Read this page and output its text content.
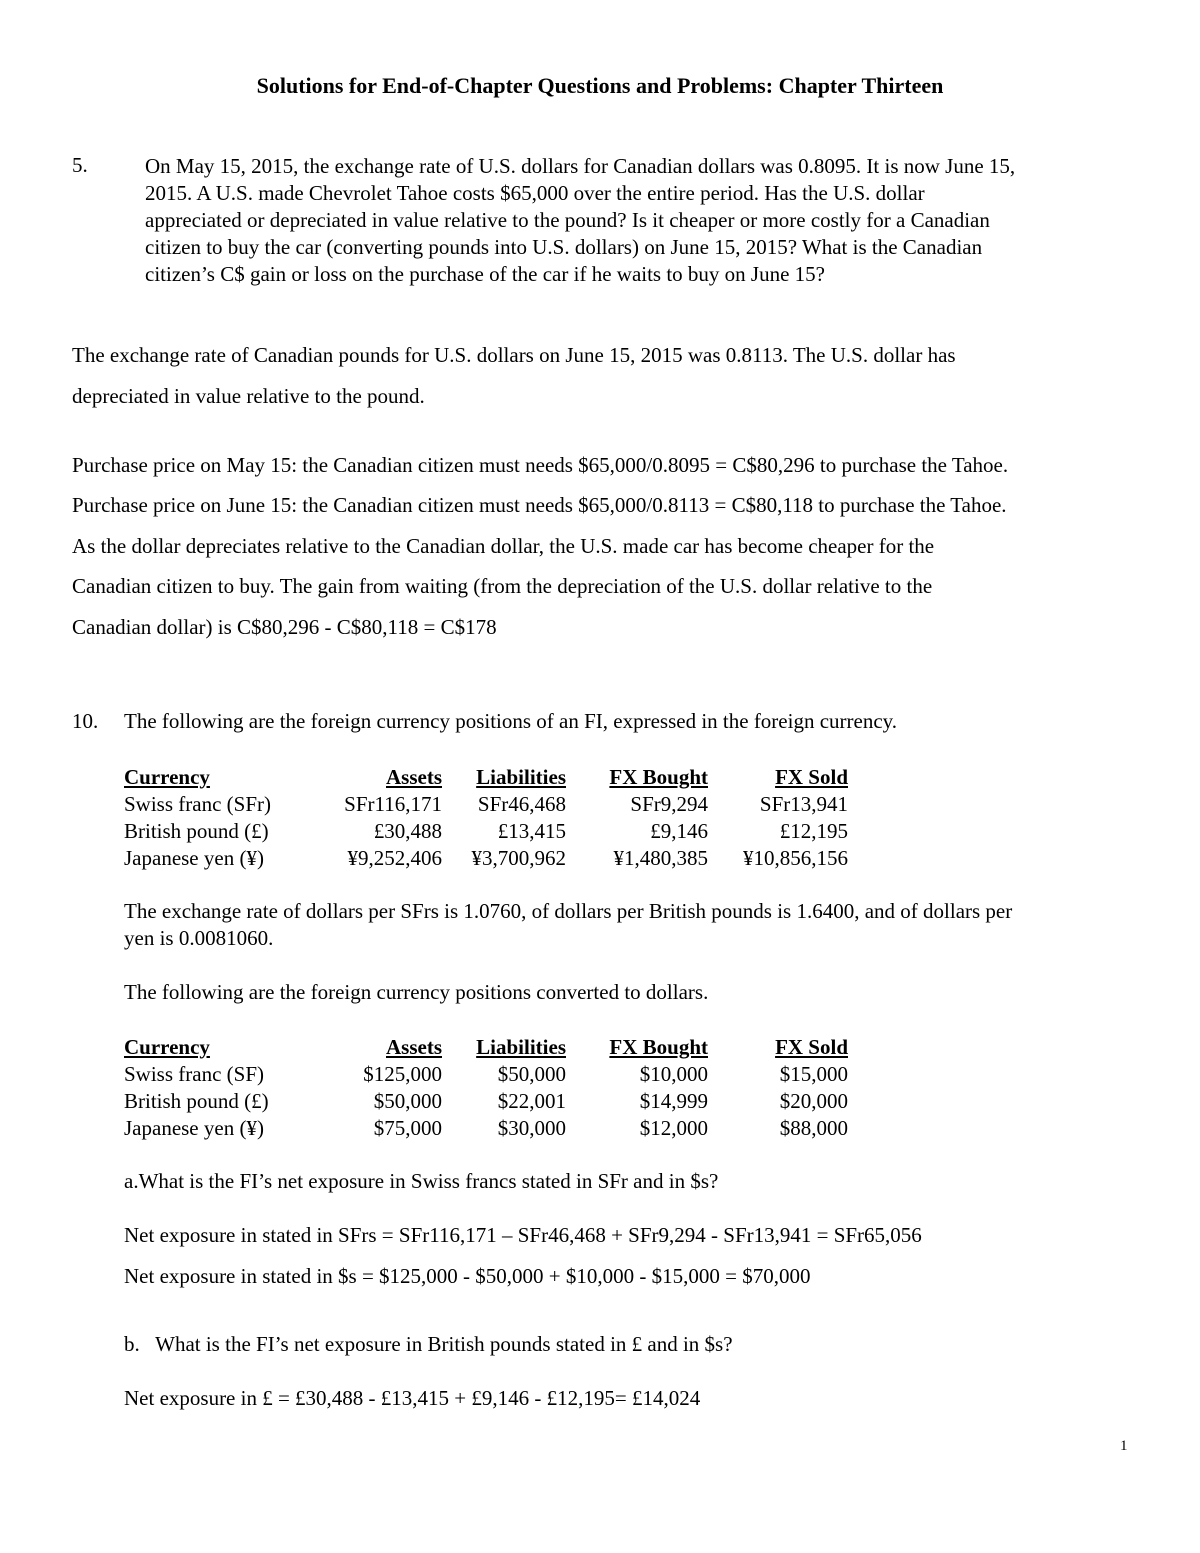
Solutions for End-of-Chapter Questions and Problems: Chapter Thirteen
5.	On May 15, 2015, the exchange rate of U.S. dollars for Canadian dollars was 0.8095. It is now June 15,
2015. A U.S. made Chevrolet Tahoe costs $65,000 over the entire period. Has the U.S. dollar
appreciated or depreciated in value relative to the pound? Is it cheaper or more costly for a Canadian
citizen to buy the car (converting pounds into U.S. dollars) on June 15, 2015? What is the Canadian
citizen’s C$ gain or loss on the purchase of the car if he waits to buy on June 15?
The exchange rate of Canadian pounds for U.S. dollars on June 15, 2015 was 0.8113. The U.S. dollar has
depreciated in value relative to the pound.
Purchase price on May 15: the Canadian citizen must needs $65,000/0.8095 = C$80,296 to purchase the Tahoe.
Purchase price on June 15: the Canadian citizen must needs $65,000/0.8113 = C$80,118 to purchase the Tahoe.
As the dollar depreciates relative to the Canadian dollar, the U.S. made car has become cheaper for the
Canadian citizen to buy. The gain from waiting (from the depreciation of the U.S. dollar relative to the
Canadian dollar) is C$80,296 - C$80,118 = C$178
10. The following are the foreign currency positions of an FI, expressed in the foreign currency.
Currency	Assets	Liabilities	FX Bought	FX Sold
Swiss franc (SFr)	SFr116,171	SFr46,468	SFr9,294	SFr13,941
British pound (£)	£30,488	£13,415	£9,146	£12,195
Japanese yen (¥)	¥9,252,406	¥3,700,962	¥1,480,385	¥10,856,156
The exchange rate of dollars per SFrs is 1.0760, of dollars per British pounds is 1.6400, and of dollars per
yen is 0.0081060.
The following are the foreign currency positions converted to dollars.
Currency	Assets	Liabilities	FX Bought	FX Sold
Swiss franc (SF)	$125,000	$50,000	$10,000	$15,000
British pound (£)	$50,000	$22,001	$14,999	$20,000
Japanese yen (¥)	$75,000	$30,000	$12,000	$88,000
a.What is the FI’s net exposure in Swiss francs stated in SFr and in $s?
Net exposure in stated in SFrs = SFr116,171 – SFr46,468 + SFr9,294 - SFr13,941 = SFr65,056
Net exposure in stated in $s = $125,000 - $50,000 + $10,000 - $15,000 = $70,000
b.   What is the FI’s net exposure in British pounds stated in £ and in $s?
Net exposure in £ = £30,488 - £13,415 + £9,146 - £12,195= £14,024
1
